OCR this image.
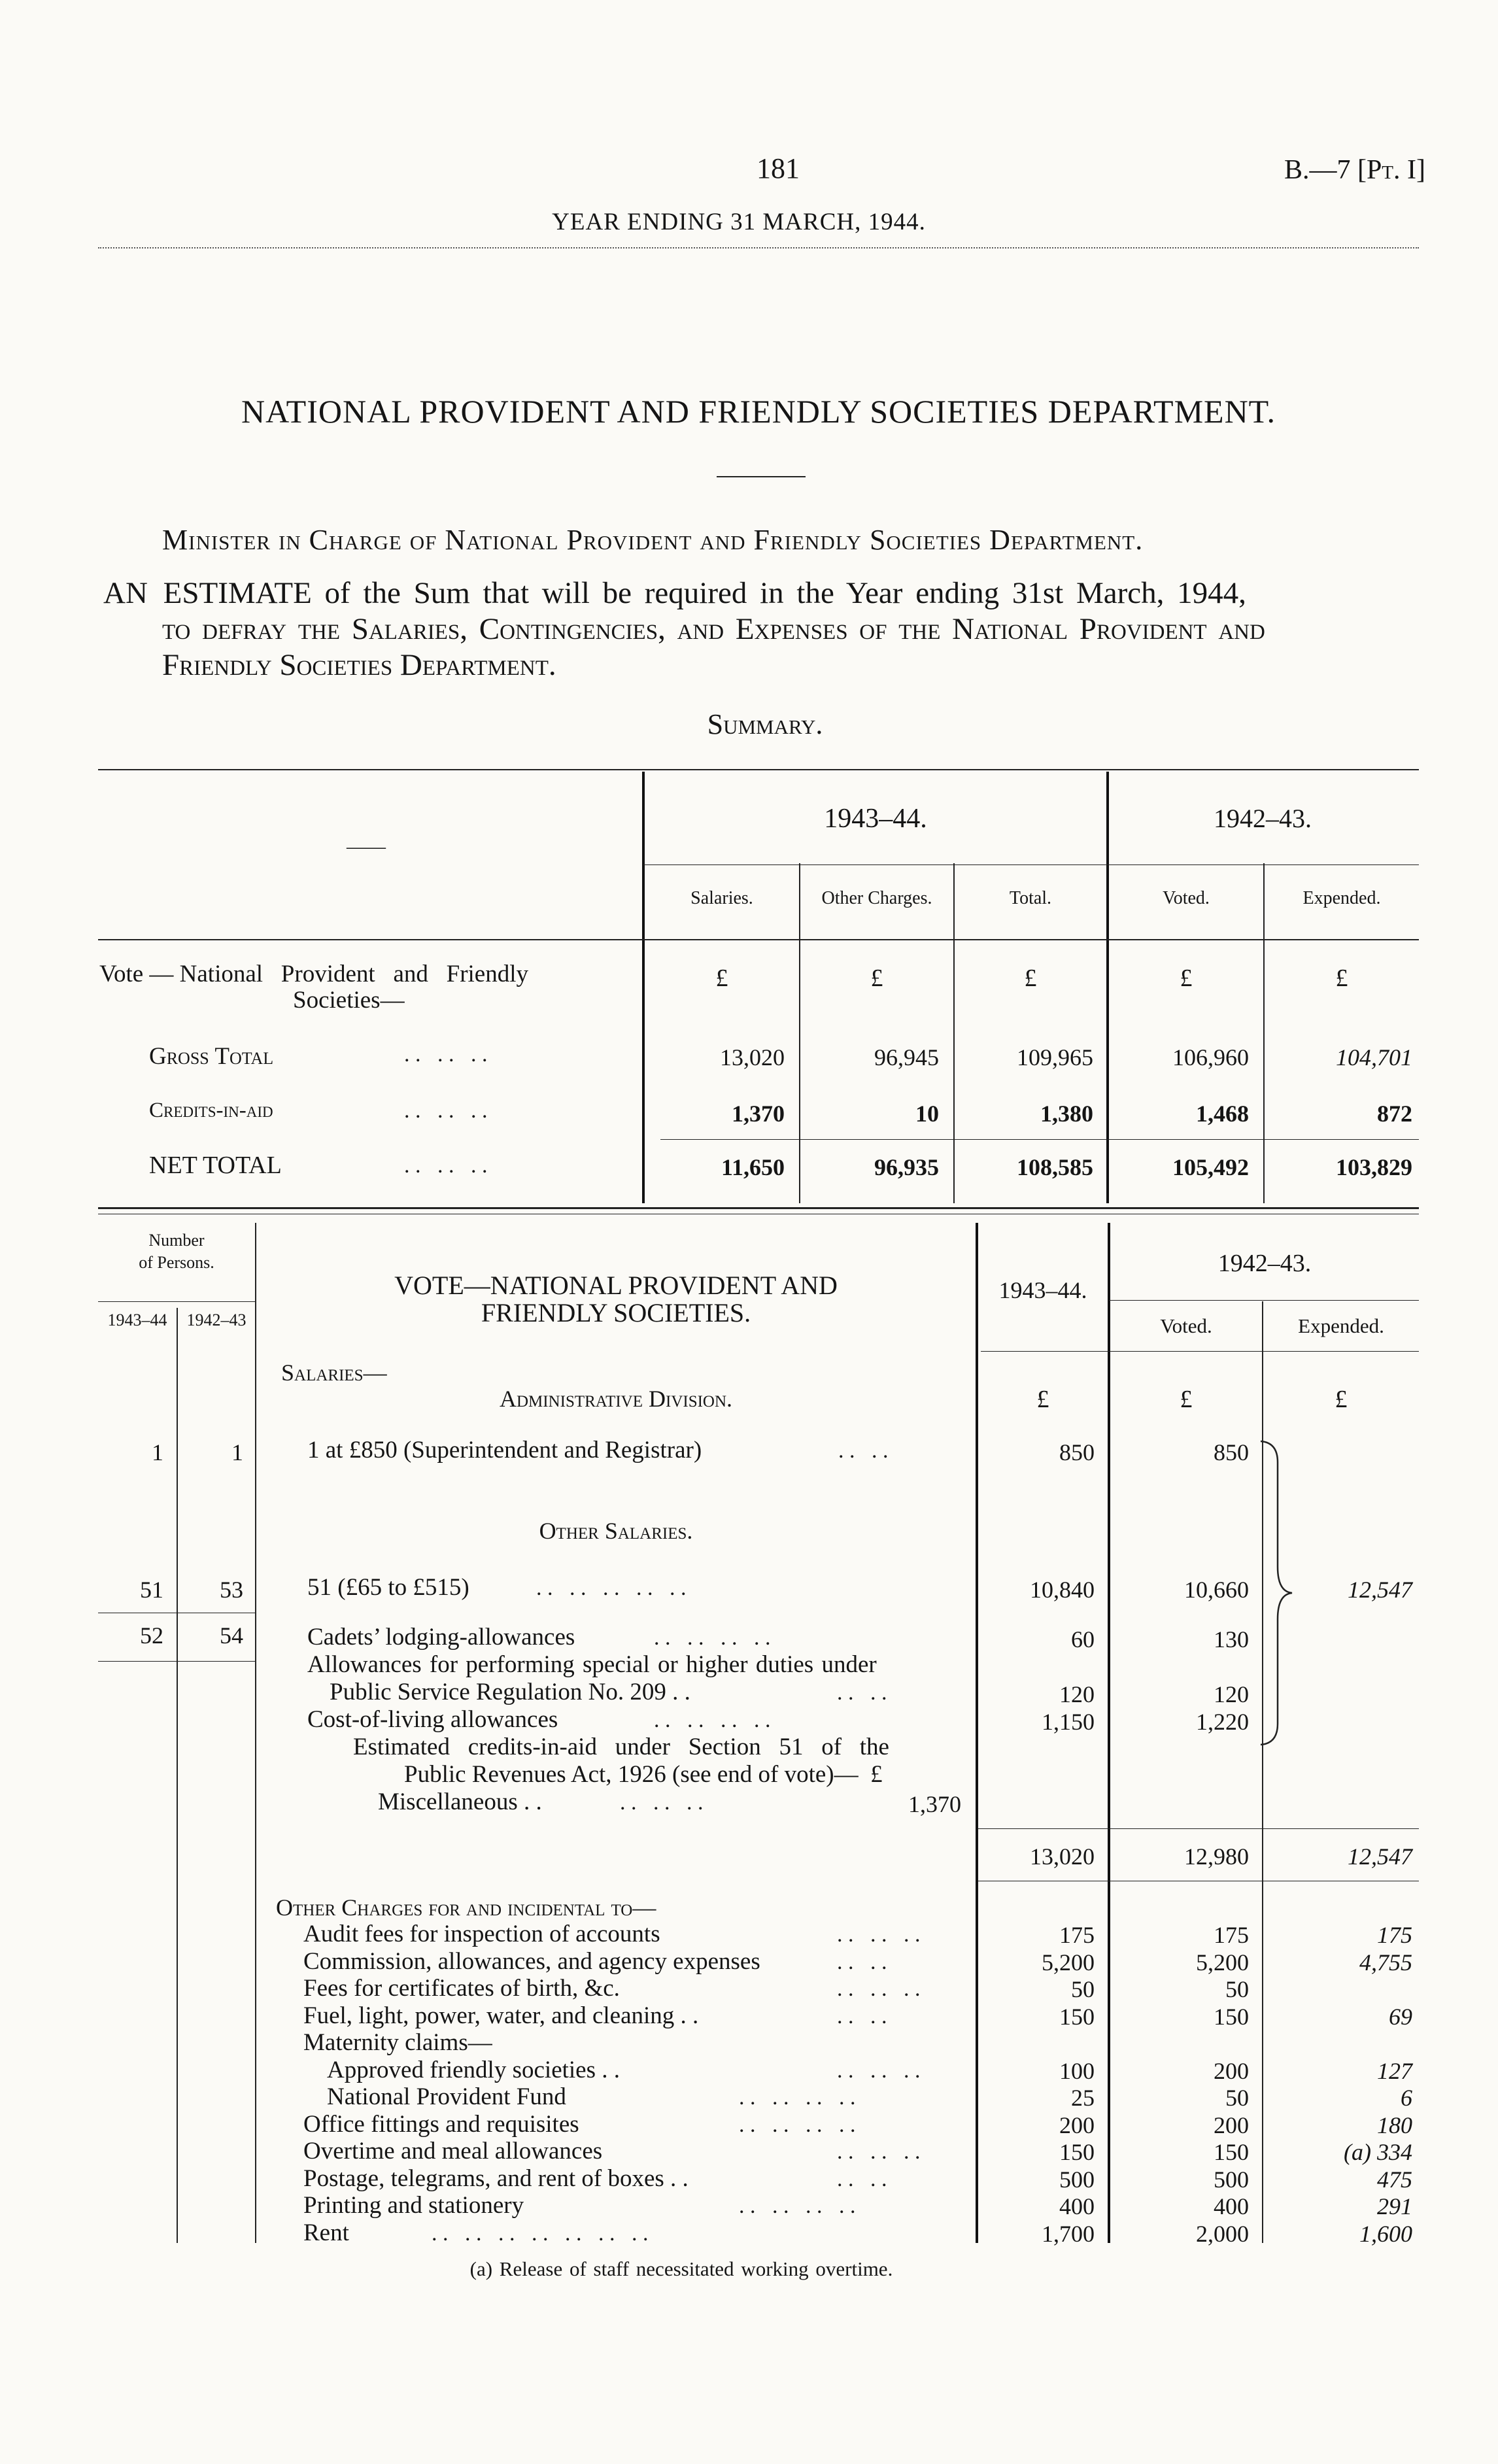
181	B.—7 [Pt. I]
YEAR ENDING 31 MARCH, 1944.
NATIONAL PROVIDENT AND FRIENDLY SOCIETIES DEPARTMENT.
Minister in Charge of National Provident and Friendly Societies Department.
AN ESTIMATE of the Sum that will be required in the Year ending 31st March, 1944,
to defray the Salaries, Contingencies, and Expenses of the National Provident and
Friendly Societies Department.
Summary.
——
1943–44.	1942–43.
Salaries.	Other Charges.	Total.	Voted.	Expended.
Vote — National   Provident   and   Friendly
Societies—
£	£	£	£	£
Gross Total	. .   . .   . .	13,020	96,945	109,965	106,960	104,701
Credits-in-aid	. .   . .   . .	1,370	10	1,380	1,468	872
NET TOTAL	. .   . .   . .	11,650	96,935	108,585	105,492	103,829
Number
of Persons.
1943–44	1942–43
VOTE—NATIONAL PROVIDENT AND
FRIENDLY SOCIETIES.
1943–44.
1942–43.
Voted.	Expended.
Salaries—
Administrative Division.	£	£	£
1	1	1 at £850 (Superintendent and Registrar)	. .   . .	850	850
Other Salaries.
51	53	51 (£65 to £515)	. .   . .   . .   . .   . .	10,840	10,660	12,547
52	54	Cadets’ lodging-allowances	. .   . .   . .   . .	60	130
Allowances for performing special or higher duties under
Public Service Regulation No. 209 . .	. .   . .	120	120
Cost-of-living allowances	. .   . .   . .   . .	1,150	1,220
Estimated   credits-in-aid   under   Section   51   of   the
Public Revenues Act, 1926 (see end of vote)—  £
Miscellaneous . .	. .   . .   . .	1,370
13,020	12,980	12,547
Other Charges for and incidental to—
Audit fees for inspection of accounts	. .   . .   . .	175	175	175
Commission, allowances, and agency expenses	. .   . .	5,200	5,200	4,755
Fees for certificates of birth, &c.	. .   . .   . .	50	50
Fuel, light, power, water, and cleaning . .	. .   . .	150	150	69
Maternity claims—
Approved friendly societies . .	. .   . .   . .	100	200	127
National Provident Fund	. .   . .   . .   . .	25	50	6
Office fittings and requisites	. .   . .   . .   . .	200	200	180
Overtime and meal allowances	. .   . .   . .	150	150	(a) 334
Postage, telegrams, and rent of boxes . .	. .   . .	500	500	475
Printing and stationery	. .   . .   . .   . .	400	400	291
Rent	. .   . .   . .   . .   . .   . .   . .	1,700	2,000	1,600
(a) Release of staff necessitated working overtime.
